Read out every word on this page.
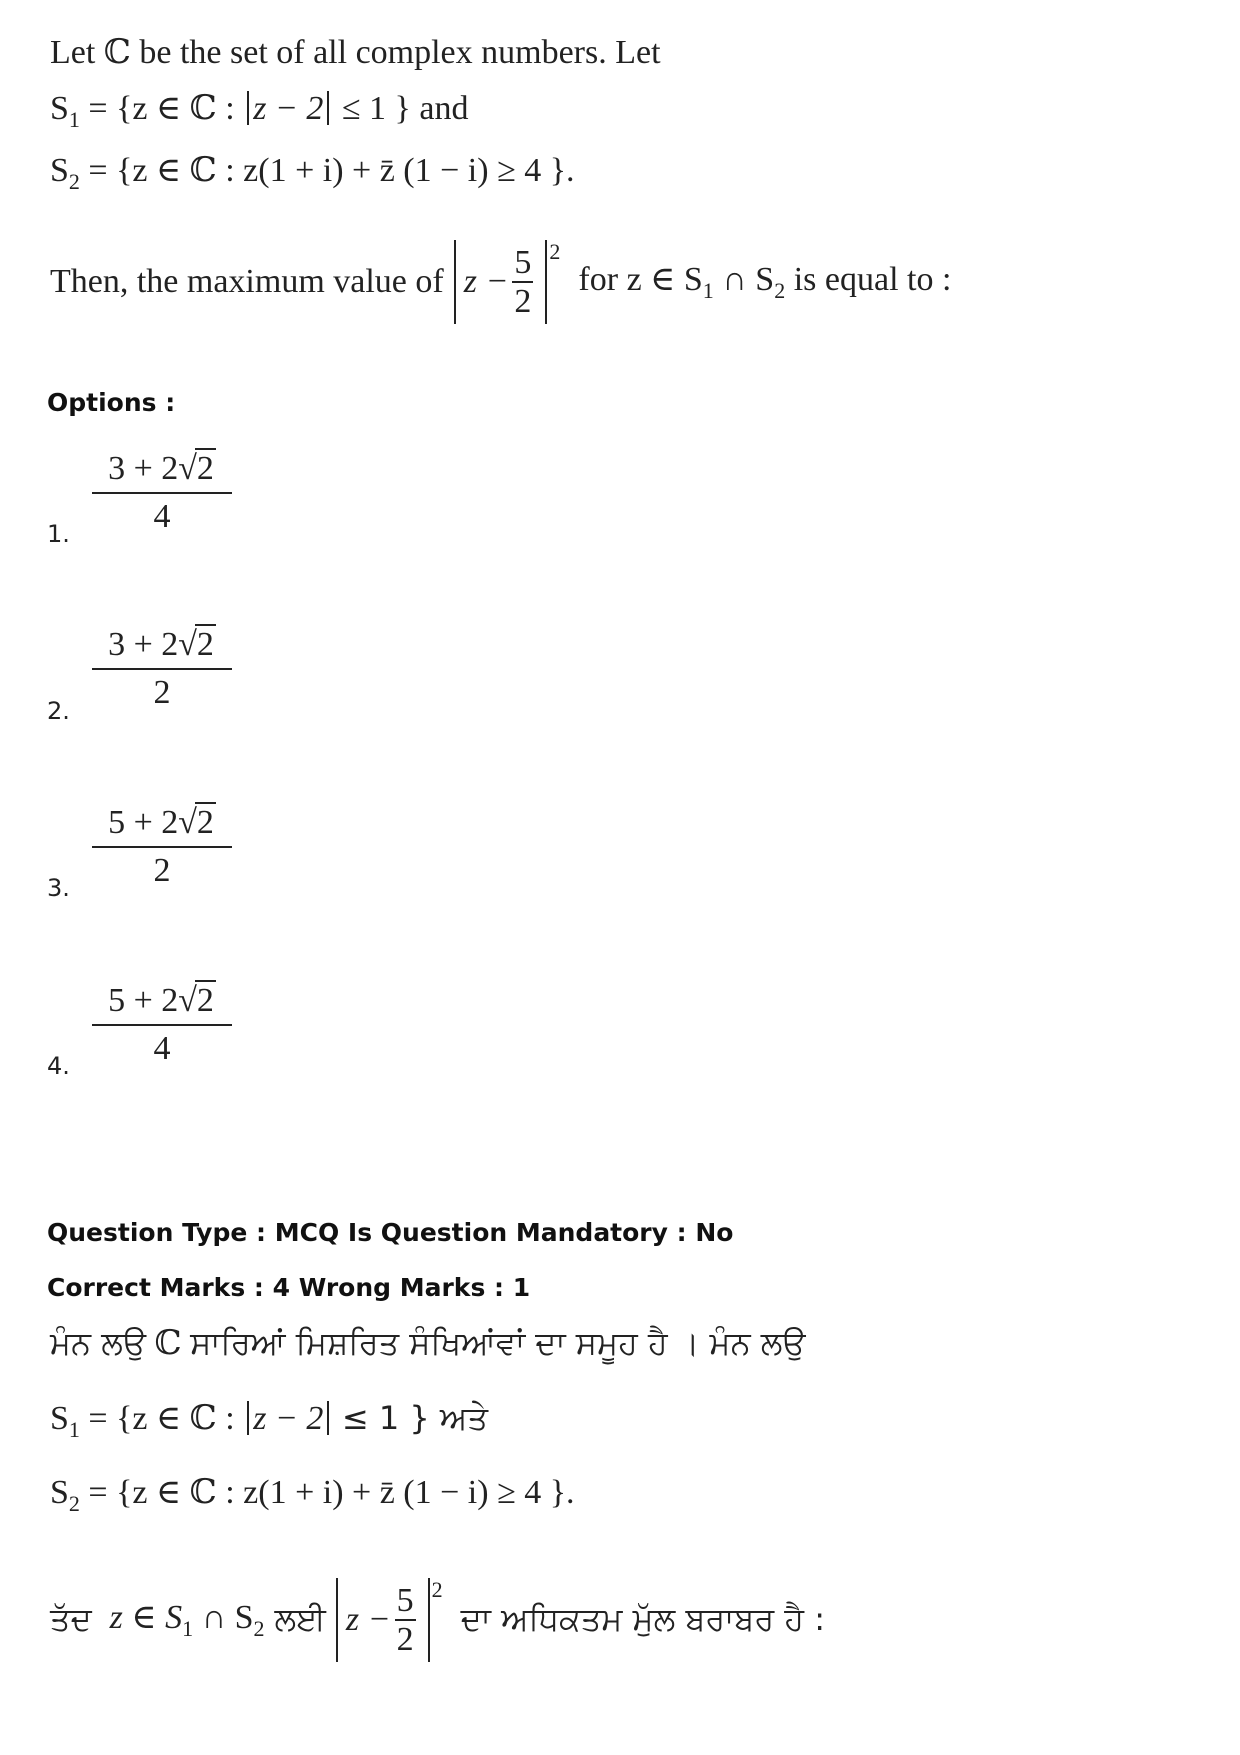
Let ℂ be the set of all complex numbers. Let
$S_1 = \{z$ ∈ ℂ : z − 2 ≤ 1 } and
$S_2 = \{z$ ∈ ℂ : z(1 + i) + z̄ (1 − i) ≥ 4 }.
Then, the maximum value of $z - \frac{5}{2} 2$
for z ∈ $S_1$ ∩ $S_2$ is equal to :
Options :
1. $\frac{3 + 2√2}{4}$
2. $\frac{3 + 2√2}{2}$
3. $\frac{5 + 2√2}{2}$
4. $\frac{5 + 2√2}{4}$
Question Type : MCQ Is Question Mandatory : No
Correct Marks : 4 Wrong Marks : 1
ਮੰਨ ਲਉ ℂ ਸਾਰਿਆਂ ਮਿਸ਼ਰਿਤ ਸੰਖਿਆਂਵਾਂ ਦਾ ਸਮੂਹ ਹੈ । ਮੰਨ ਲਉ
$S_1 = \{z$ ∈ ℂ : z − 2 ≤ 1 } ਅਤੇ
$S_2 = \{z$ ∈ ℂ : z(1 + i) + z̄ (1 − i) ≥ 4 }.
ਤੱਦ z ∈ $S_1$ ∩ $S_2$ ਲਈ $z - \frac{5}{2} 2$
ਦਾ ਅਧਿਕਤਮ ਮੁੱਲ ਬਰਾਬਰ ਹੈ :
